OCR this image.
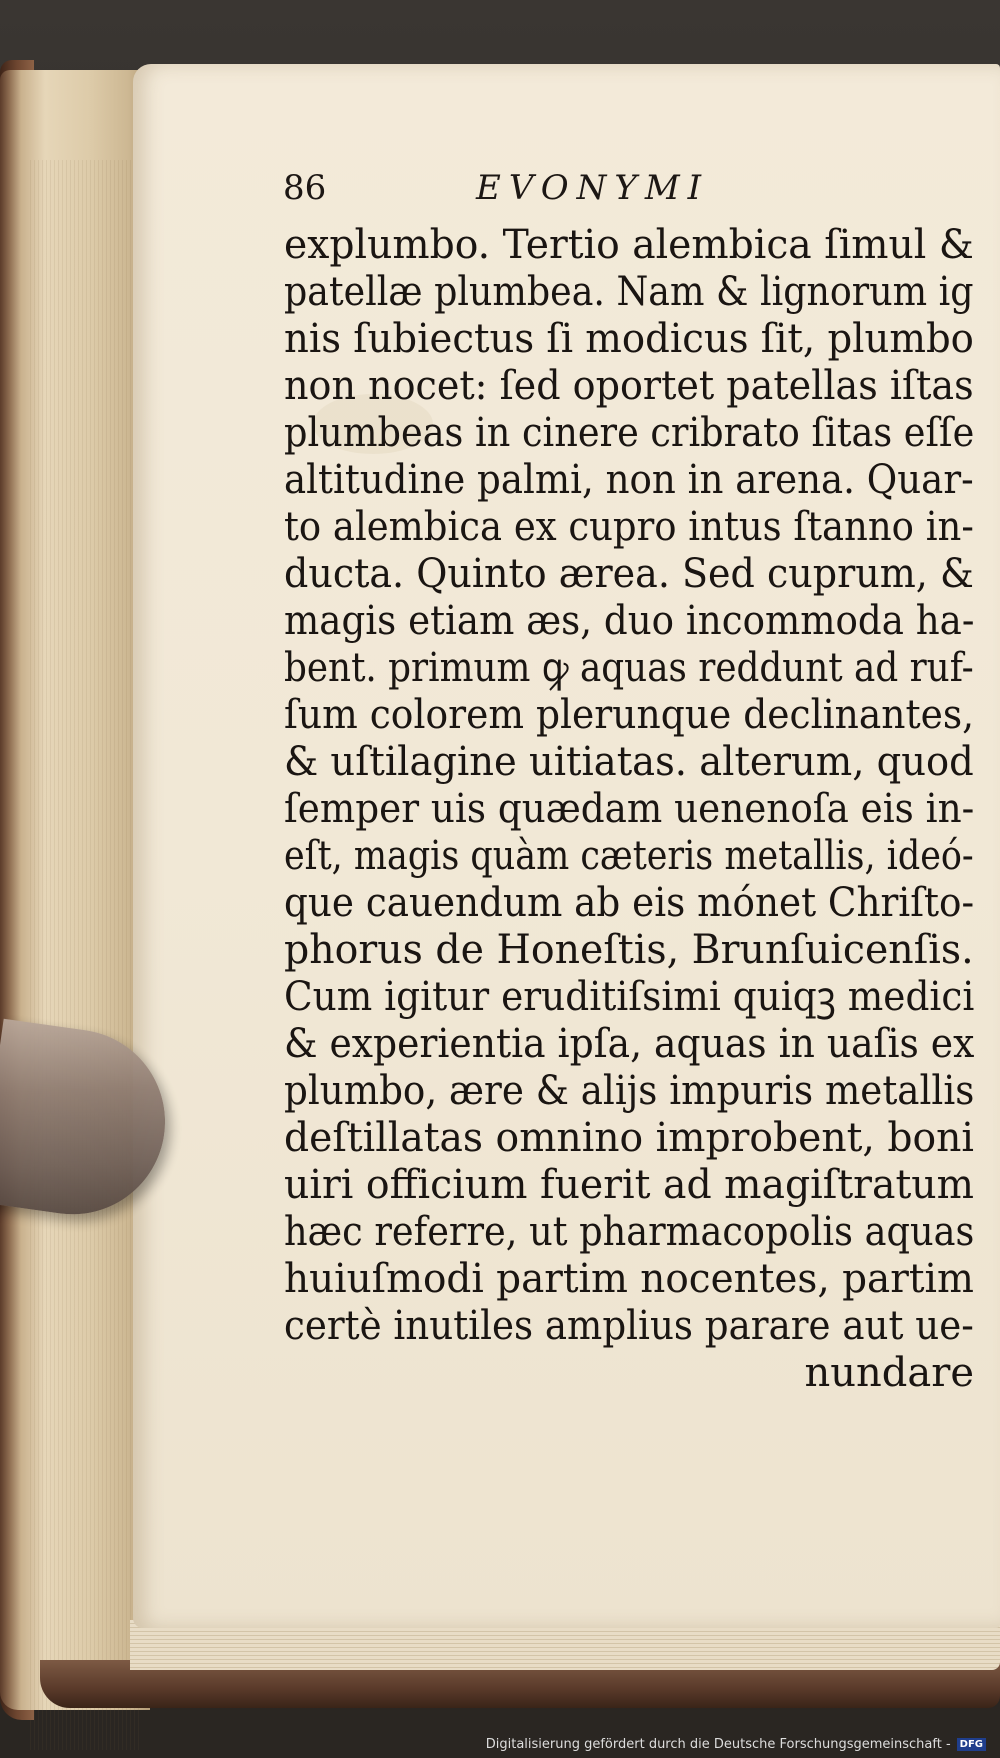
86	EVONYMI
explumbo. Tertio alembica ſimul &
patellæ plumbea. Nam & lignorum ig
nis ſubiectus ſi modicus ſit, plumbo
non nocet: ſed oportet patellas iſtas
plumbeas in cinere cribrato ſitas eſſe
altitudine palmi, non in arena. Quar-
to alembica ex cupro intus ſtanno in-
ducta. Quinto ærea. Sed cuprum, &
magis etiam æs, duo incommoda ha-
bent. primum ꝙ aquas reddunt ad ruf-
ſum colorem plerunque declinantes,
& uſtilagine uitiatas. alterum, quod
ſemper uis quædam uenenoſa eis in-
eſt, magis quàm cæteris metallis, ideó-
que cauendum ab eis mónet Chriſto-
phorus de Honeſtis, Brunſuicenſis.
Cum igitur eruditiſsimi quiqꝫ medici
& experientia ipſa, aquas in uaſis ex
plumbo, ære & alijs impuris metallis
deſtillatas omnino improbent, boni
uiri officium fuerit ad magiſtratum
hæc referre, ut pharmacopolis aquas
huiuſmodi partim nocentes, partim
certè inutiles amplius parare aut ue-
nundare
Digitalisierung gefördert durch die Deutsche Forschungsgemeinschaft - DFG
